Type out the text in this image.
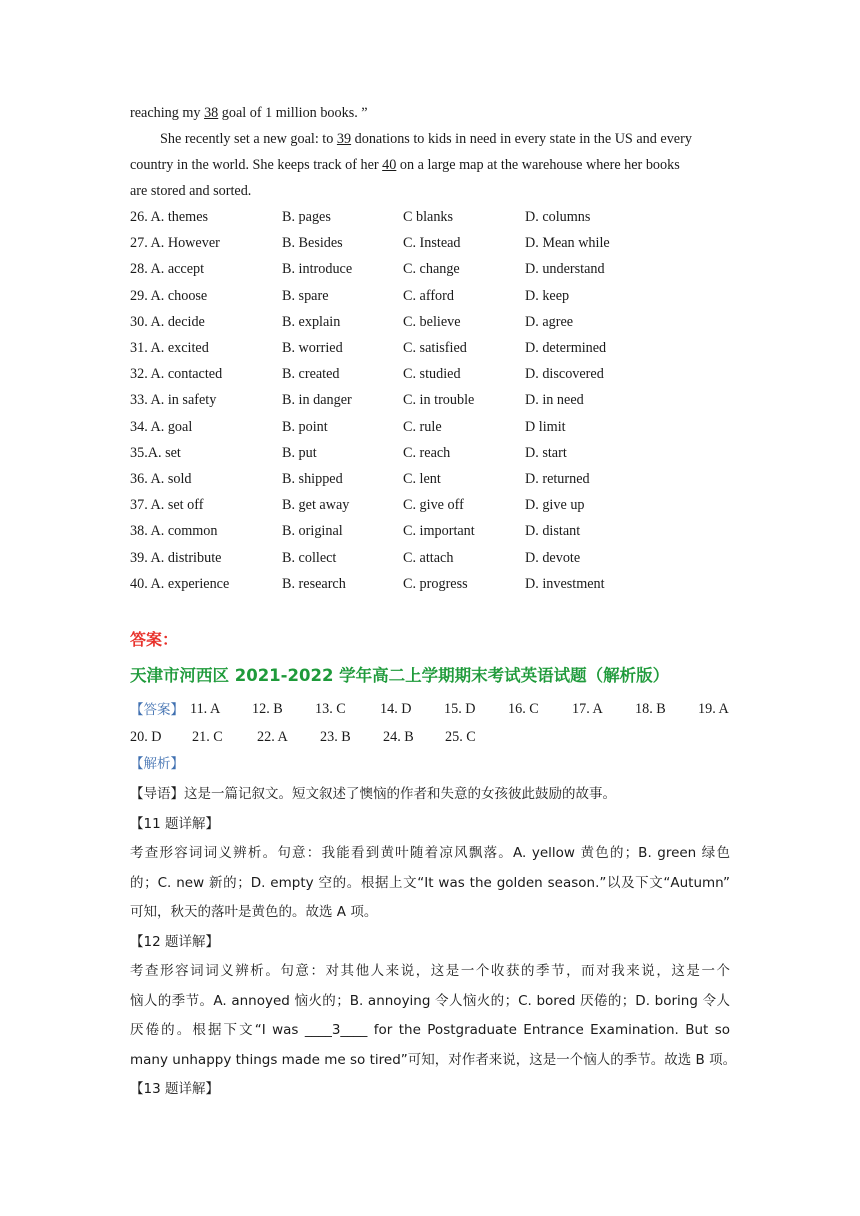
reaching my 38 goal of 1 million books. ”
She recently set a new goal: to 39 donations to kids in need in every state in the US and every
country in the world. She keeps track of her 40 on a large map at the warehouse where her books
are stored and sorted.
26. A. themes	B. pages	C blanks	D. columns
27. A. However	B. Besides	C. Instead	D. Mean while
28. A. accept	B. introduce	C. change	D. understand
29. A. choose	B. spare	C. afford	D. keep
30. A. decide	B. explain	C. believe	D. agree
31. A. excited	B. worried	C. satisfied	D. determined
32. A. contacted	B. created	C. studied	D. discovered
33. A. in safety	B. in danger	C. in trouble	D. in need
34. A. goal	B. point	C. rule	D limit
35.A. set	B. put	C. reach	D. start
36. A. sold	B. shipped	C. lent	D. returned
37. A. set off	B. get away	C. give off	D. give up
38. A. common	B. original	C. important	D. distant
39. A. distribute	B. collect	C. attach	D. devote
40. A. experience	B. research	C. progress	D. investment
答案：
天津市河西区 2021-2022 学年高二上学期期末考试英语试题（解析版）
【答案】 11. A 12. B 13. C 14. D 15. D 16. C 17. A 18. B 19. A
20. D 21. C 22. A 23. B 24. B 25. C
【解析】
【导语】这是一篇记叙文。短文叙述了懊恼的作者和失意的女孩彼此鼓励的故事。
【11 题详解】
考查形容词词义辨析。句意：我能看到黄叶随着凉风飘落。A. yellow 黄色的；B. green 绿色
的；C. new 新的；D. empty 空的。根据上文“It was the golden season.”以及下文“Autumn”
可知，秋天的落叶是黄色的。故选 A 项。
【12 题详解】
考查形容词词义辨析。句意：对其他人来说，这是一个收获的季节，而对我来说，这是一个
恼人的季节。A. annoyed 恼火的；B. annoying 令人恼火的；C. bored 厌倦的；D. boring 令人
厌倦的。根据下文“I was ____3____ for the Postgraduate Entrance Examination. But so
many unhappy things made me so tired”可知，对作者来说，这是一个恼人的季节。故选 B 项。
【13 题详解】
